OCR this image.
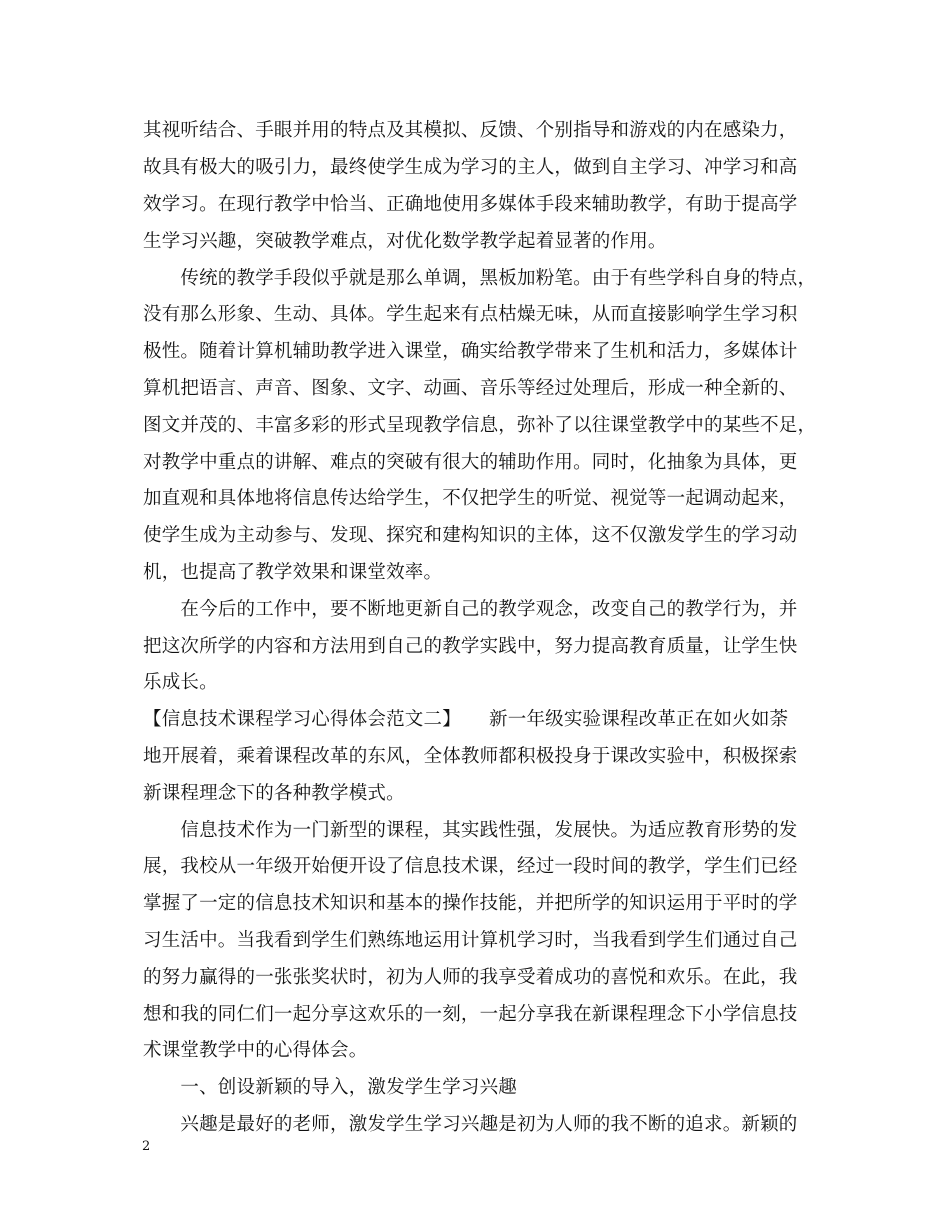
其视听结合、手眼并用的特点及其模拟、反馈、个别指导和游戏的内在感染力，
故具有极大的吸引力，最终使学生成为学习的主人，做到自主学习、冲学习和高
效学习。在现行教学中恰当、正确地使用多媒体手段来辅助教学，有助于提高学
生学习兴趣，突破教学难点，对优化数学教学起着显著的作用。
　　传统的教学手段似乎就是那么单调，黑板加粉笔。由于有些学科自身的特点，
没有那么形象、生动、具体。学生起来有点枯燥无味，从而直接影响学生学习积
极性。随着计算机辅助教学进入课堂，确实给教学带来了生机和活力，多媒体计
算机把语言、声音、图象、文字、动画、音乐等经过处理后，形成一种全新的、
图文并茂的、丰富多彩的形式呈现教学信息，弥补了以往课堂教学中的某些不足，
对教学中重点的讲解、难点的突破有很大的辅助作用。同时，化抽象为具体，更
加直观和具体地将信息传达给学生，不仅把学生的听觉、视觉等一起调动起来，
使学生成为主动参与、发现、探究和建构知识的主体，这不仅激发学生的学习动
机，也提高了教学效果和课堂效率。
　　在今后的工作中，要不断地更新自己的教学观念，改变自己的教学行为，并
把这次所学的内容和方法用到自己的教学实践中，努力提高教育质量，让学生快
乐成长。
【信息技术课程学习心得体会范文二】　　新一年级实验课程改革正在如火如荼
地开展着，乘着课程改革的东风，全体教师都积极投身于课改实验中，积极探索
新课程理念下的各种教学模式。
　　信息技术作为一门新型的课程，其实践性强，发展快。为适应教育形势的发
展，我校从一年级开始便开设了信息技术课，经过一段时间的教学，学生们已经
掌握了一定的信息技术知识和基本的操作技能，并把所学的知识运用于平时的学
习生活中。当我看到学生们熟练地运用计算机学习时，当我看到学生们通过自己
的努力赢得的一张张奖状时，初为人师的我享受着成功的喜悦和欢乐。在此，我
想和我的同仁们一起分享这欢乐的一刻，一起分享我在新课程理念下小学信息技
术课堂教学中的心得体会。
　　一、创设新颖的导入，激发学生学习兴趣
　　兴趣是最好的老师，激发学生学习兴趣是初为人师的我不断的追求。新颖的
2
